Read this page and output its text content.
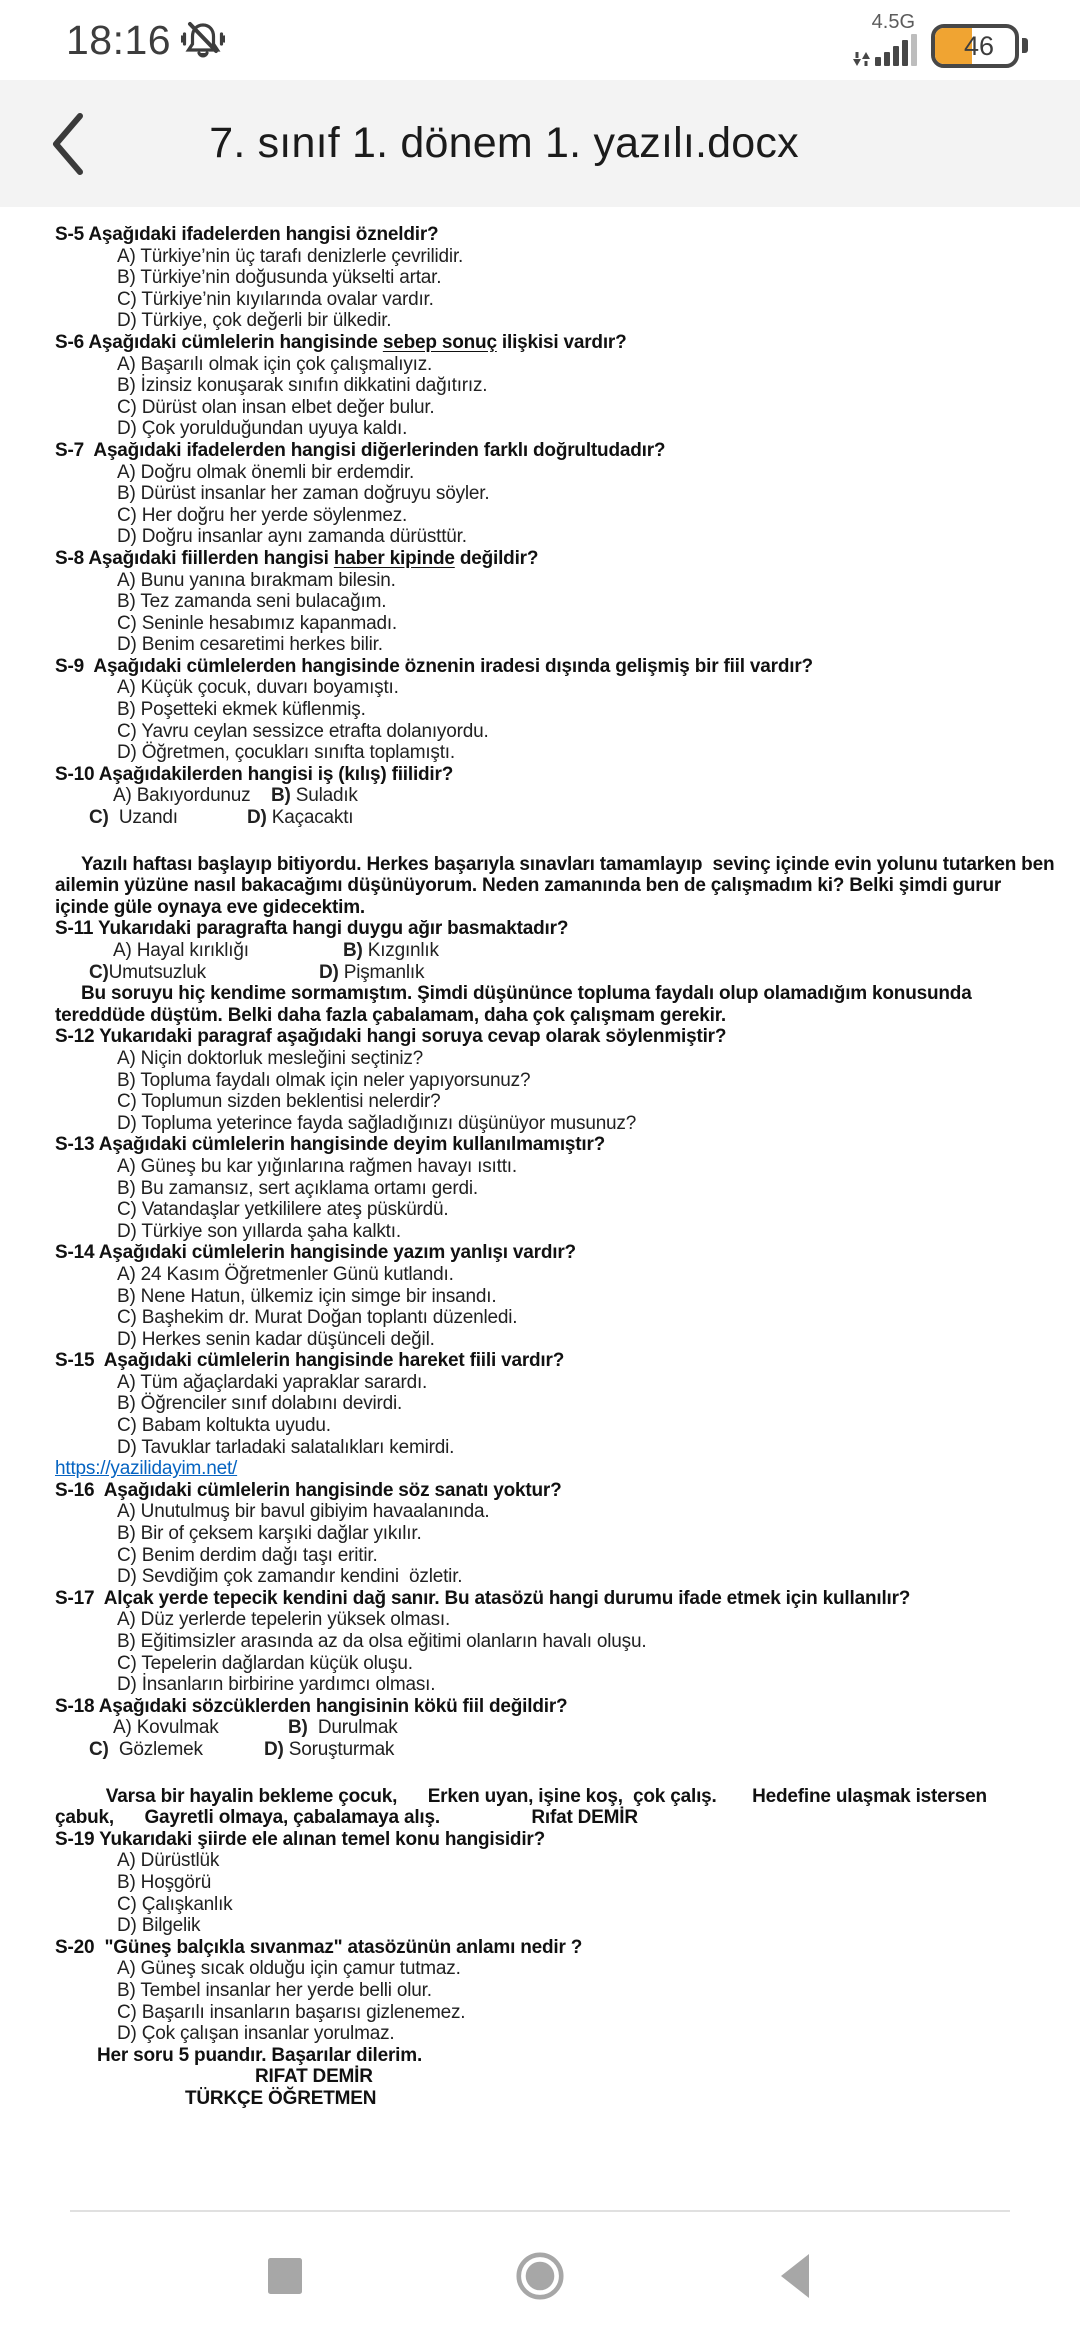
18:16	4.5G
46
7. sınıf 1. dönem 1. yazılı.docx
S-5 Aşağıdaki ifadelerden hangisi özneldir?
A) Türkiye’nin üç tarafı denizlerle çevrilidir.
B) Türkiye’nin doğusunda yükselti artar.
C) Türkiye’nin kıyılarında ovalar vardır.
D) Türkiye, çok değerli bir ülkedir.
S-6 Aşağıdaki cümlelerin hangisinde sebep sonuç ilişkisi vardır?
A) Başarılı olmak için çok çalışmalıyız.
B) İzinsiz konuşarak sınıfın dikkatini dağıtırız.
C) Dürüst olan insan elbet değer bulur.
D) Çok yorulduğundan uyuya kaldı.
S-7  Aşağıdaki ifadelerden hangisi diğerlerinden farklı doğrultudadır?
A) Doğru olmak önemli bir erdemdir.
B) Dürüst insanlar her zaman doğruyu söyler.
C) Her doğru her yerde söylenmez.
D) Doğru insanlar aynı zamanda dürüsttür.
S-8 Aşağıdaki fiillerden hangisi haber kipinde değildir?
A) Bunu yanına bırakmam bilesin.
B) Tez zamanda seni bulacağım.
C) Seninle hesabımız kapanmadı.
D) Benim cesaretimi herkes bilir.
S-9  Aşağıdaki cümlelerden hangisinde öznenin iradesi dışında gelişmiş bir fiil vardır?
A) Küçük çocuk, duvarı boyamıştı.
B) Poşetteki ekmek küflenmiş.
C) Yavru ceylan sessizce etrafta dolanıyordu.
D) Öğretmen, çocukları sınıfta toplamıştı.
S-10 Aşağıdakilerden hangisi iş (kılış) fiilidir?
A) Bakıyordunuz	B) Suladık
C)  Uzandı	D) Kaçacaktı
Yazılı haftası başlayıp bitiyordu. Herkes başarıyla sınavları tamamlayıp  sevinç içinde evin yolunu tutarken ben ailemin yüzüne nasıl bakacağımı düşünüyorum. Neden zamanında ben de çalışmadım ki? Belki şimdi gurur içinde güle oynaya eve gidecektim.
S-11 Yukarıdaki paragrafta hangi duygu ağır basmaktadır?
A) Hayal kırıklığı	B) Kızgınlık
C)Umutsuzluk	D) Pişmanlık
Bu soruyu hiç kendime sormamıştım. Şimdi düşününce topluma faydalı olup olamadığım konusunda tereddüde düştüm. Belki daha fazla çabalamam, daha çok çalışmam gerekir.
S-12 Yukarıdaki paragraf aşağıdaki hangi soruya cevap olarak söylenmiştir?
A) Niçin doktorluk mesleğini seçtiniz?
B) Topluma faydalı olmak için neler yapıyorsunuz?
C) Toplumun sizden beklentisi nelerdir?
D) Topluma yeterince fayda sağladığınızı düşünüyor musunuz?
S-13 Aşağıdaki cümlelerin hangisinde deyim kullanılmamıştır?
A) Güneş bu kar yığınlarına rağmen havayı ısıttı.
B) Bu zamansız, sert açıklama ortamı gerdi.
C) Vatandaşlar yetkililere ateş püskürdü.
D) Türkiye son yıllarda şaha kalktı.
S-14 Aşağıdaki cümlelerin hangisinde yazım yanlışı vardır?
A) 24 Kasım Öğretmenler Günü kutlandı.
B) Nene Hatun, ülkemiz için simge bir insandı.
C) Başhekim dr. Murat Doğan toplantı düzenledi.
D) Herkes senin kadar düşünceli değil.
S-15  Aşağıdaki cümlelerin hangisinde hareket fiili vardır?
A) Tüm ağaçlardaki yapraklar sarardı.
B) Öğrenciler sınıf dolabını devirdi.
C) Babam koltukta uyudu.
D) Tavuklar tarladaki salatalıkları kemirdi.
https://yazilidayim.net/
S-16  Aşağıdaki cümlelerin hangisinde söz sanatı yoktur?
A) Unutulmuş bir bavul gibiyim havaalanında.
B) Bir of çeksem karşıki dağlar yıkılır.
C) Benim derdim dağı taşı eritir.
D) Sevdiğim çok zamandır kendini  özletir.
S-17  Alçak yerde tepecik kendini dağ sanır. Bu atasözü hangi durumu ifade etmek için kullanılır?
A) Düz yerlerde tepelerin yüksek olması.
B) Eğitimsizler arasında az da olsa eğitimi olanların havalı oluşu.
C) Tepelerin dağlardan küçük oluşu.
D) İnsanların birbirine yardımcı olması.
S-18 Aşağıdaki sözcüklerden hangisinin kökü fiil değildir?
A) Kovulmak	B)  Durulmak
C)  Gözlemek	D) Soruşturmak
Varsa bir hayalin bekleme çocuk,      Erken uyan, işine koş,  çok çalış.       Hedefine ulaşmak istersen
çabuk,      Gayretli olmaya, çabalamaya alış.                  Rıfat DEMİR
S-19 Yukarıdaki şiirde ele alınan temel konu hangisidir?
A) Dürüstlük
B) Hoşgörü
C) Çalışkanlık
D) Bilgelik
S-20  "Güneş balçıkla sıvanmaz" atasözünün anlamı nedir ?
A) Güneş sıcak olduğu için çamur tutmaz.
B) Tembel insanlar her yerde belli olur.
C) Başarılı insanların başarısı gizlenemez.
D) Çok çalışan insanlar yorulmaz.
Her soru 5 puandır. Başarılar dilerim.
RIFAT DEMİR
TÜRKÇE ÖĞRETMEN
